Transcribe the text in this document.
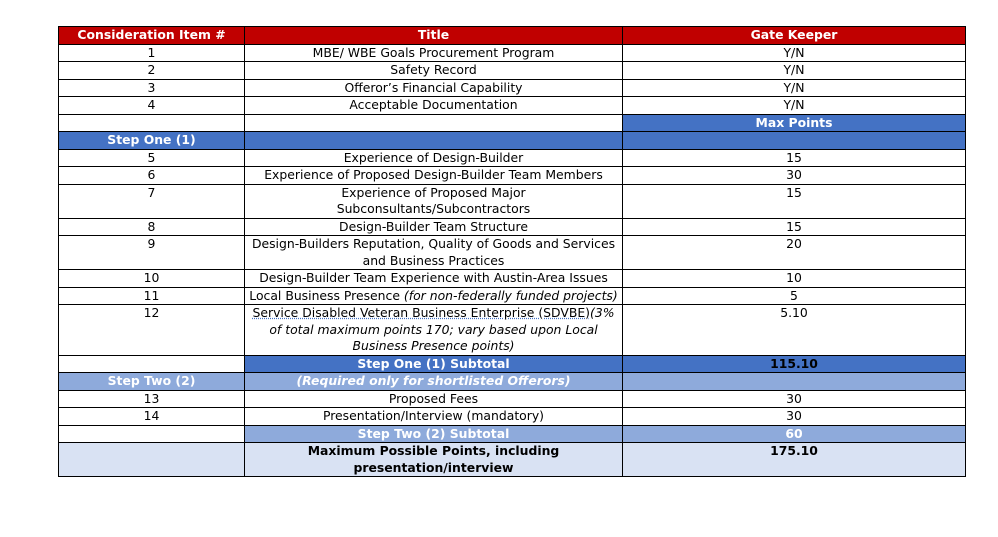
Consideration Item #	Title	Gate Keeper
1	MBE/ WBE Goals Procurement Program	Y/N
2	Safety Record	Y/N
3	Offeror’s Financial Capability	Y/N
4	Acceptable Documentation	Y/N
		Max Points
Step One (1)		
5	Experience of Design-Builder	15
6	Experience of Proposed Design-Builder Team Members	30
7	Experience of Proposed Major Subconsultants/Subcontractors	15
8	Design-Builder Team Structure	15
9	Design-Builders Reputation, Quality of Goods and Services and Business Practices	20
10	Design-Builder Team Experience with Austin-Area Issues	10
11	Local Business Presence (for non-federally funded projects)	5
12	Service Disabled Veteran Business Enterprise (SDVBE)(3% of total maximum points 170; vary based upon Local Business Presence points)	5.10
	Step One (1) Subtotal	115.10
Step Two (2)	(Required only for shortlisted Offerors)	
13	Proposed Fees	30
14	Presentation/Interview (mandatory)	30
	Step Two (2) Subtotal	60
	Maximum Possible Points, including presentation/interview	175.10
